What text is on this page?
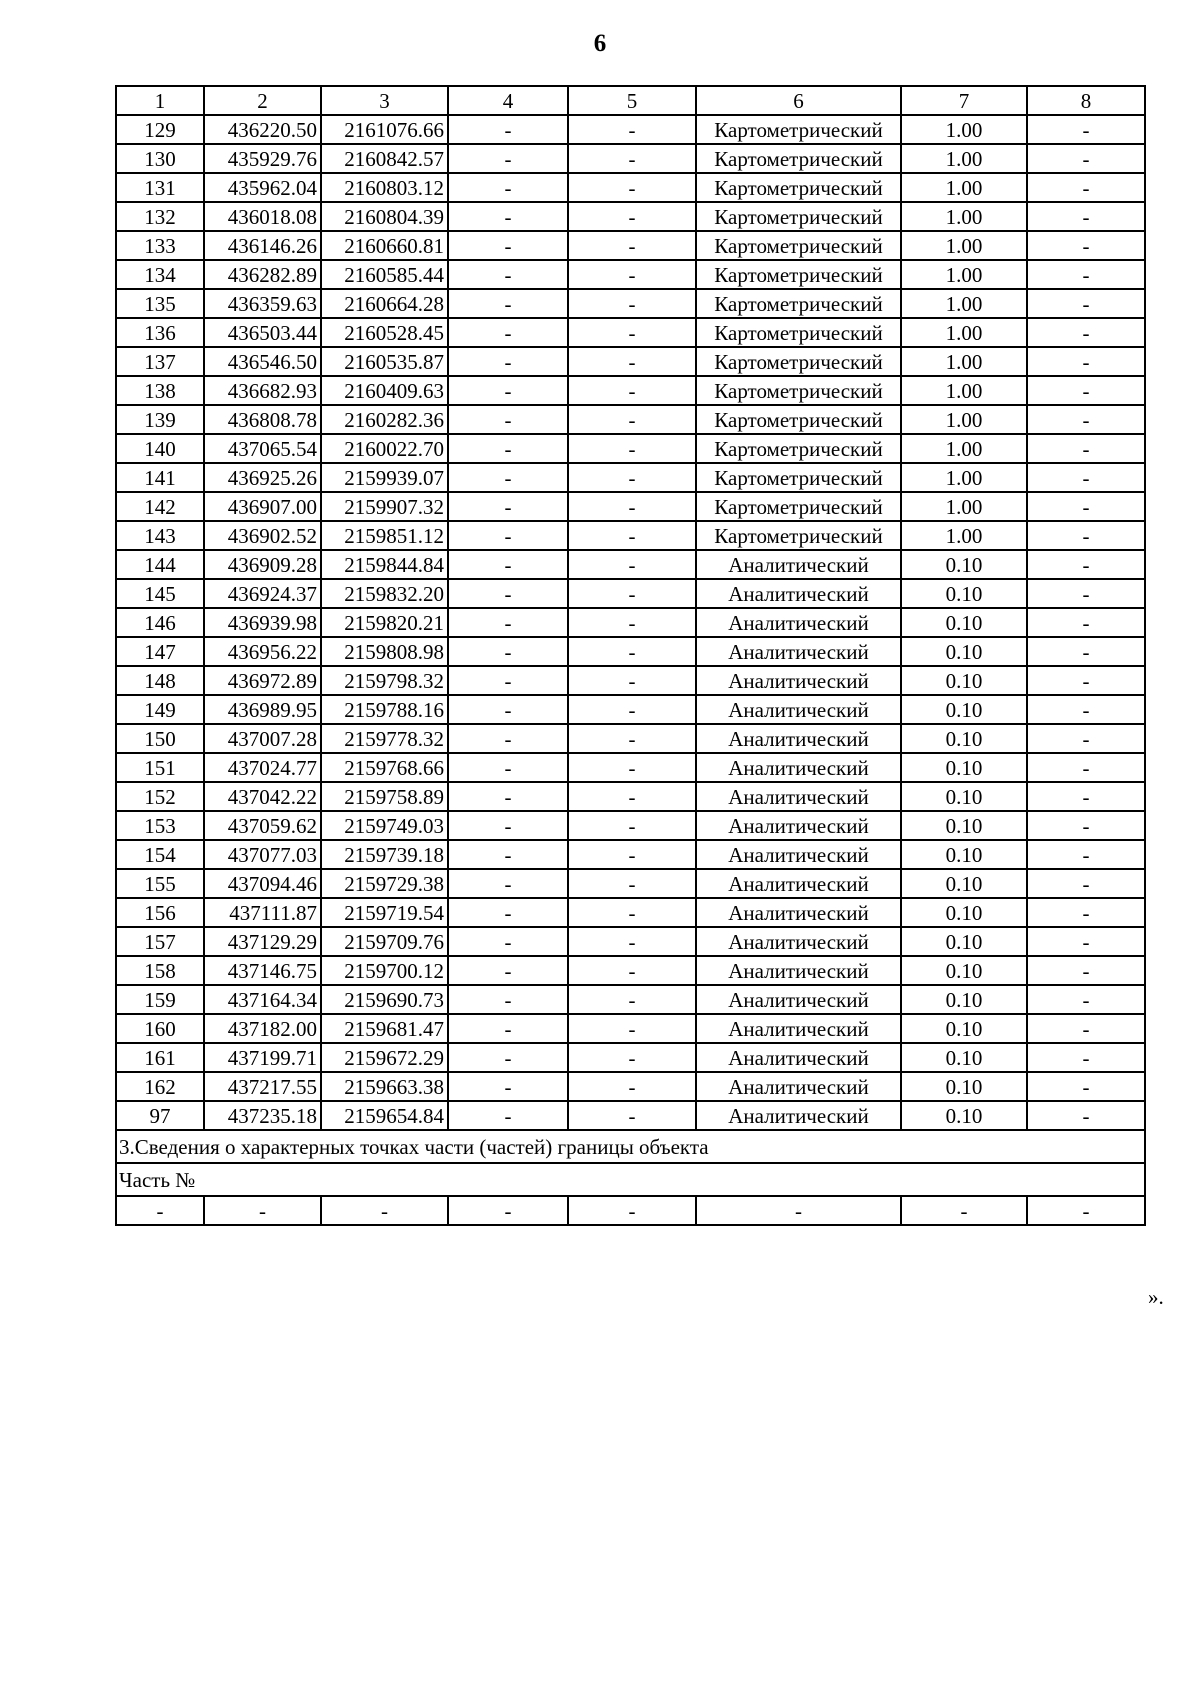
6
1	2	3	4	5	6	7	8
129	436220.50	2161076.66	-	-	Картометрический	1.00	-
130	435929.76	2160842.57	-	-	Картометрический	1.00	-
131	435962.04	2160803.12	-	-	Картометрический	1.00	-
132	436018.08	2160804.39	-	-	Картометрический	1.00	-
133	436146.26	2160660.81	-	-	Картометрический	1.00	-
134	436282.89	2160585.44	-	-	Картометрический	1.00	-
135	436359.63	2160664.28	-	-	Картометрический	1.00	-
136	436503.44	2160528.45	-	-	Картометрический	1.00	-
137	436546.50	2160535.87	-	-	Картометрический	1.00	-
138	436682.93	2160409.63	-	-	Картометрический	1.00	-
139	436808.78	2160282.36	-	-	Картометрический	1.00	-
140	437065.54	2160022.70	-	-	Картометрический	1.00	-
141	436925.26	2159939.07	-	-	Картометрический	1.00	-
142	436907.00	2159907.32	-	-	Картометрический	1.00	-
143	436902.52	2159851.12	-	-	Картометрический	1.00	-
144	436909.28	2159844.84	-	-	Аналитический	0.10	-
145	436924.37	2159832.20	-	-	Аналитический	0.10	-
146	436939.98	2159820.21	-	-	Аналитический	0.10	-
147	436956.22	2159808.98	-	-	Аналитический	0.10	-
148	436972.89	2159798.32	-	-	Аналитический	0.10	-
149	436989.95	2159788.16	-	-	Аналитический	0.10	-
150	437007.28	2159778.32	-	-	Аналитический	0.10	-
151	437024.77	2159768.66	-	-	Аналитический	0.10	-
152	437042.22	2159758.89	-	-	Аналитический	0.10	-
153	437059.62	2159749.03	-	-	Аналитический	0.10	-
154	437077.03	2159739.18	-	-	Аналитический	0.10	-
155	437094.46	2159729.38	-	-	Аналитический	0.10	-
156	437111.87	2159719.54	-	-	Аналитический	0.10	-
157	437129.29	2159709.76	-	-	Аналитический	0.10	-
158	437146.75	2159700.12	-	-	Аналитический	0.10	-
159	437164.34	2159690.73	-	-	Аналитический	0.10	-
160	437182.00	2159681.47	-	-	Аналитический	0.10	-
161	437199.71	2159672.29	-	-	Аналитический	0.10	-
162	437217.55	2159663.38	-	-	Аналитический	0.10	-
97	437235.18	2159654.84	-	-	Аналитический	0.10	-
3.Сведения о характерных точках части (частей) границы объекта							
Часть №							
-	-	-	-	-	-	-	-
».
